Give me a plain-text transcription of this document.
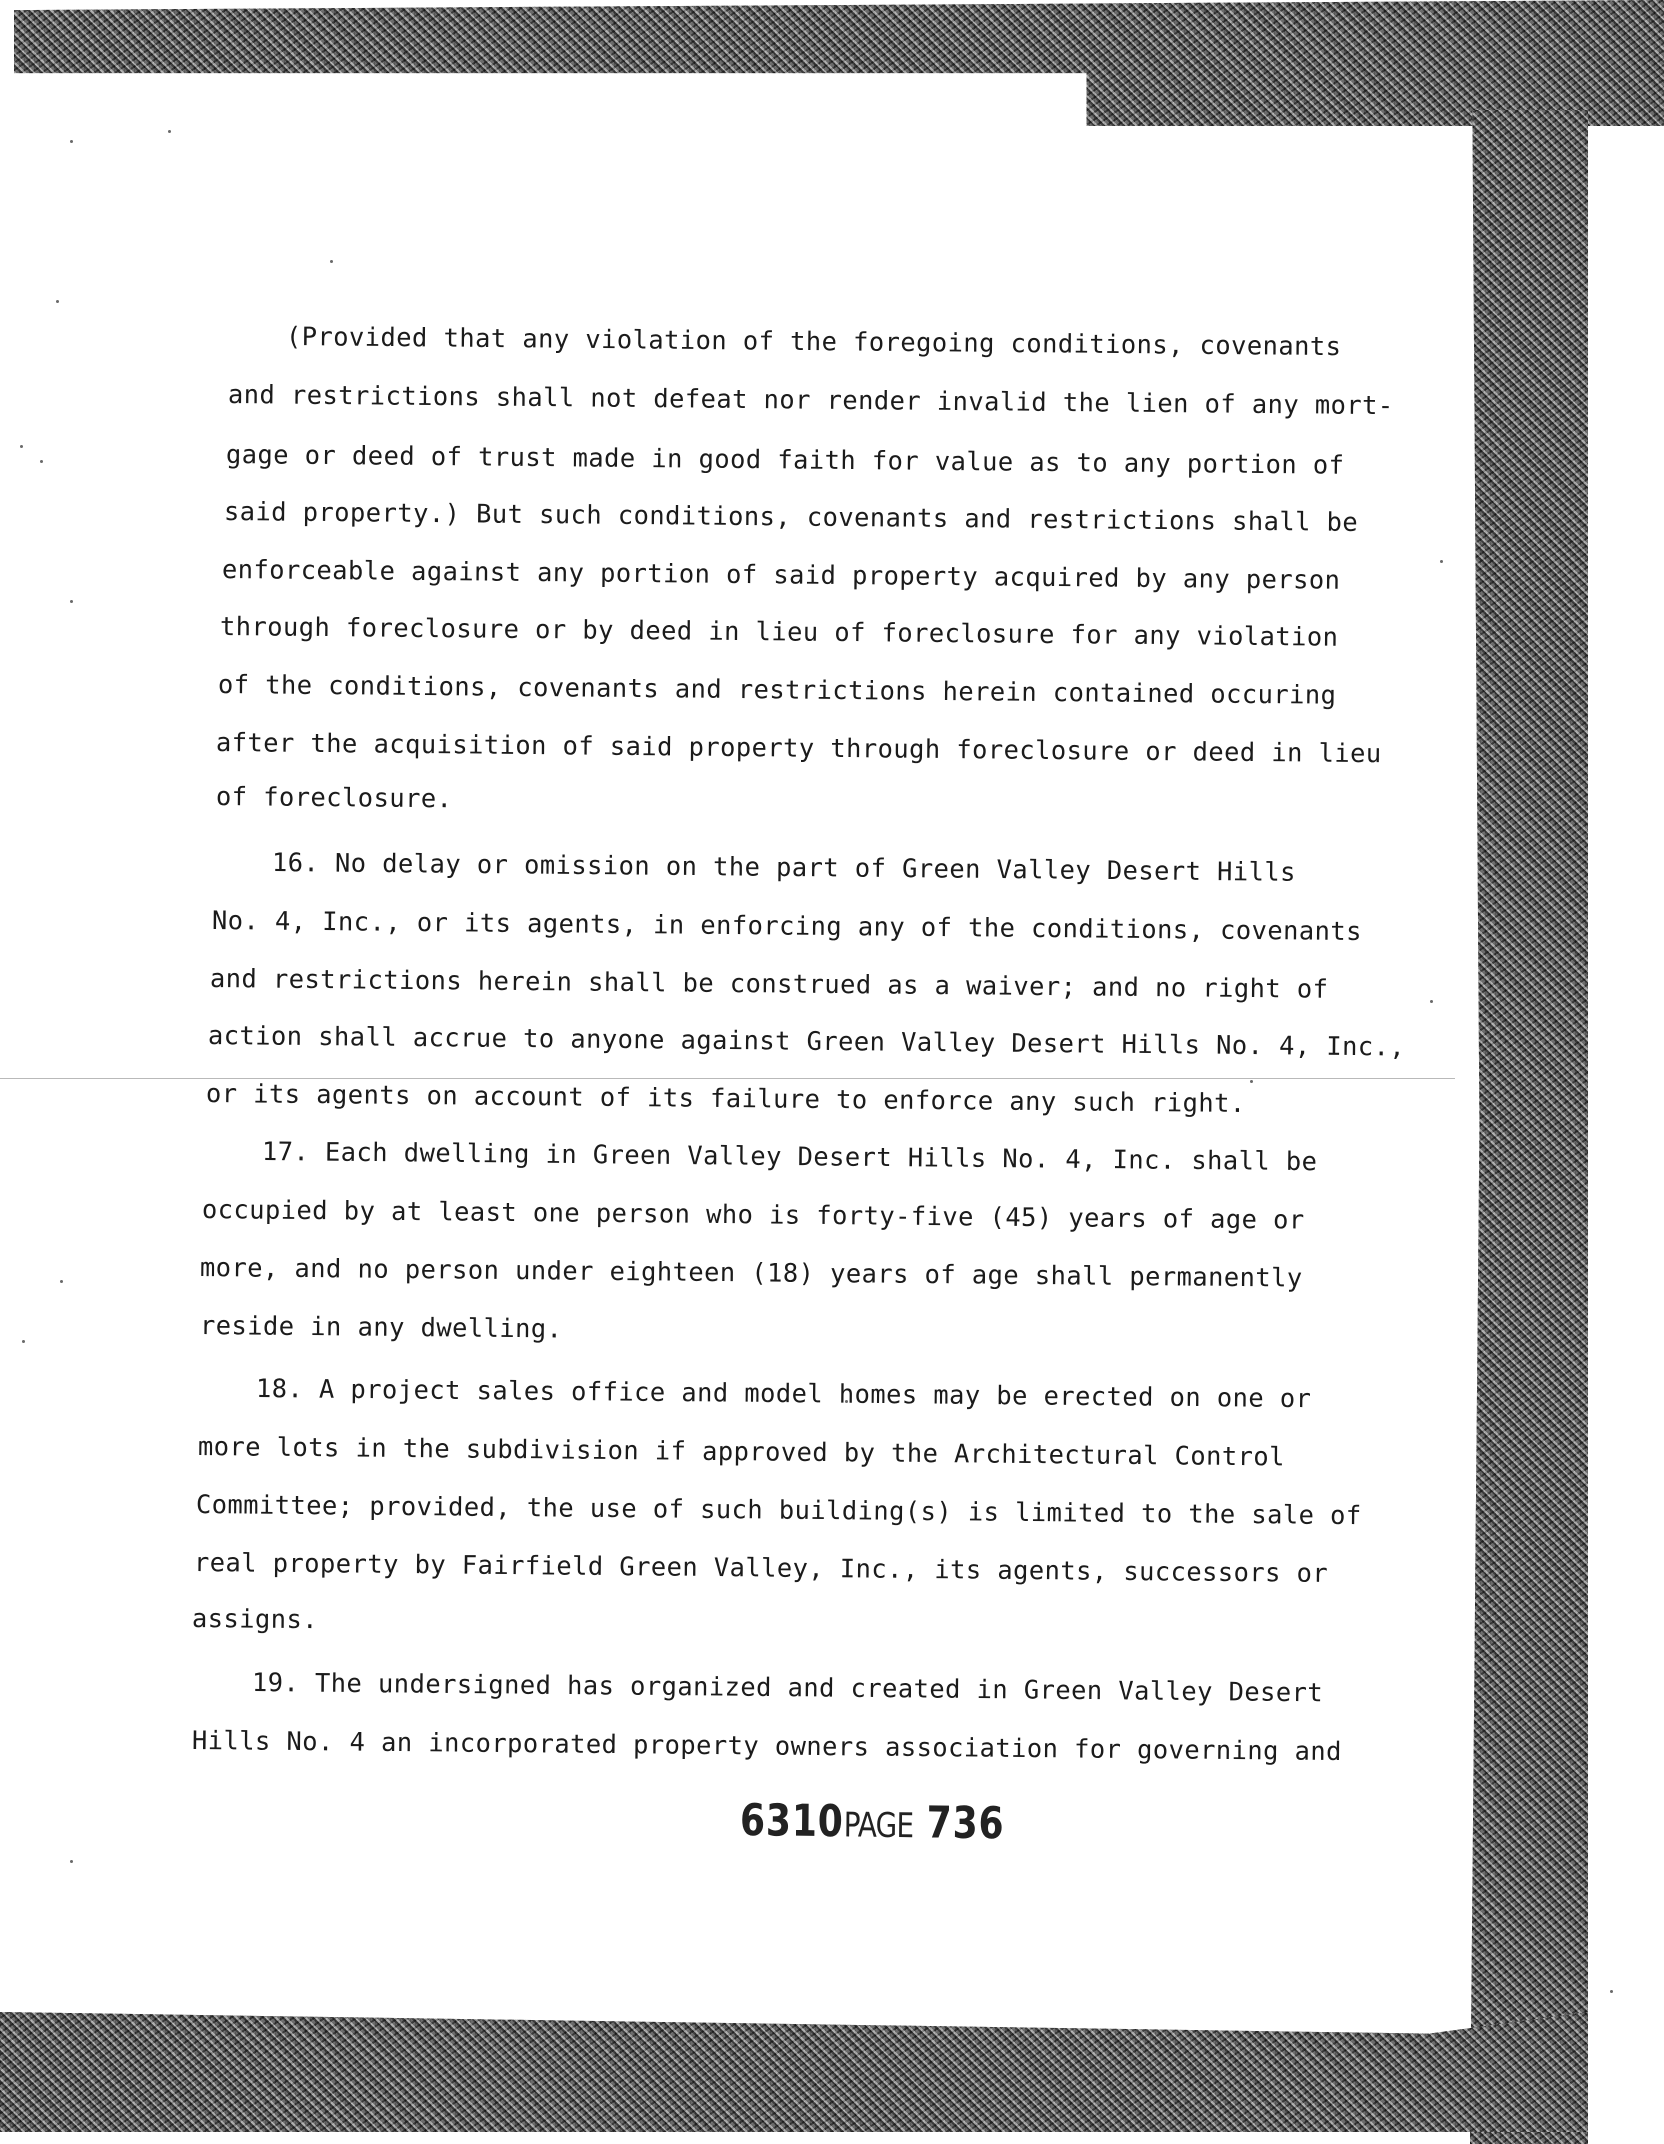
(Provided that any violation of the foregoing conditions, covenants
and restrictions shall not defeat nor render invalid the lien of any mort-
gage or deed of trust made in good faith for value as to any portion of
said property.) But such conditions, covenants and restrictions shall be
enforceable against any portion of said property acquired by any person
through foreclosure or by deed in lieu of foreclosure for any violation
of the conditions, covenants and restrictions herein contained occuring
after the acquisition of said property through foreclosure or deed in lieu
of foreclosure.
16. No delay or omission on the part of Green Valley Desert Hills
No. 4, Inc., or its agents, in enforcing any of the conditions, covenants
and restrictions herein shall be construed as a waiver; and no right of
action shall accrue to anyone against Green Valley Desert Hills No. 4, Inc.,
or its agents on account of its failure to enforce any such right.
17. Each dwelling in Green Valley Desert Hills No. 4, Inc. shall be
occupied by at least one person who is forty-five (45) years of age or
more, and no person under eighteen (18) years of age shall permanently
reside in any dwelling.
18. A project sales office and model homes may be erected on one or
more lots in the subdivision if approved by the Architectural Control
Committee; provided, the use of such building(s) is limited to the sale of
real property by Fairfield Green Valley, Inc., its agents, successors or
assigns.
19. The undersigned has organized and created in Green Valley Desert
Hills No. 4 an incorporated property owners association for governing and
6310PAGE 736
